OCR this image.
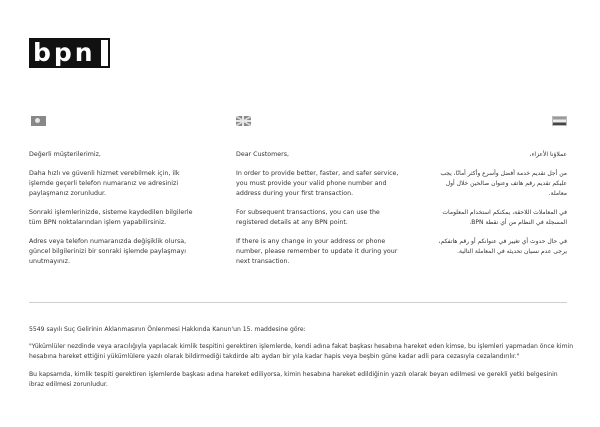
bpn

Değerli müşterilerimiz,

Daha hızlı ve güvenli hizmet verebilmek için, ilk işlemde geçerli telefon numaranız ve adresinizi paylaşmanız zorunludur.

Sonraki işlemlerinizde, sisteme kaydedilen bilgilerle tüm BPN noktalarından işlem yapabilirsiniz.

Adres veya telefon numaranızda değişiklik olursa, güncel bilgilerinizi bir sonraki işlemde paylaşmayı unutmayınız.

Dear Customers,

In order to provide better, faster, and safer service, you must provide your valid phone number and address during your first transaction.

For subsequent transactions, you can use the registered details at any BPN point.

If there is any change in your address or phone number, please remember to update it during your next transaction.

عملاؤنا الأعزاء،

من أجل تقديم خدمة أفضل وأسرع وأكثر أمانًا، يجب عليكم تقديم رقم هاتف وعنوان صالحين خلال أول معاملة.

في المعاملات اللاحقة، يمكنكم استخدام المعلومات المسجلة في النظام من أي نقطة BPN.

في حال حدوث أي تغيير في عنوانكم أو رقم هاتفكم، يرجى عدم نسيان تحديثه في المعاملة التالية.

5549 sayılı Suç Gelirinin Aklanmasının Önlenmesi Hakkında Kanun'un 15. maddesine göre:

"Yükümlüler nezdinde veya aracılığıyla yapılacak kimlik tespitini gerektiren işlemlerde, kendi adına fakat başkası hesabına hareket eden kimse, bu işlemleri yapmadan önce kimin hesabına hareket ettiğini yükümlülere yazılı olarak bildirmediği takdirde altı aydan bir yıla kadar hapis veya beşbin güne kadar adli para cezasıyla cezalandırılır."

Bu kapsamda, kimlik tespiti gerektiren işlemlerde başkası adına hareket ediliyorsa, kimin hesabına hareket edildiğinin yazılı olarak beyan edilmesi ve gerekli yetki belgesinin ibraz edilmesi zorunludur.
